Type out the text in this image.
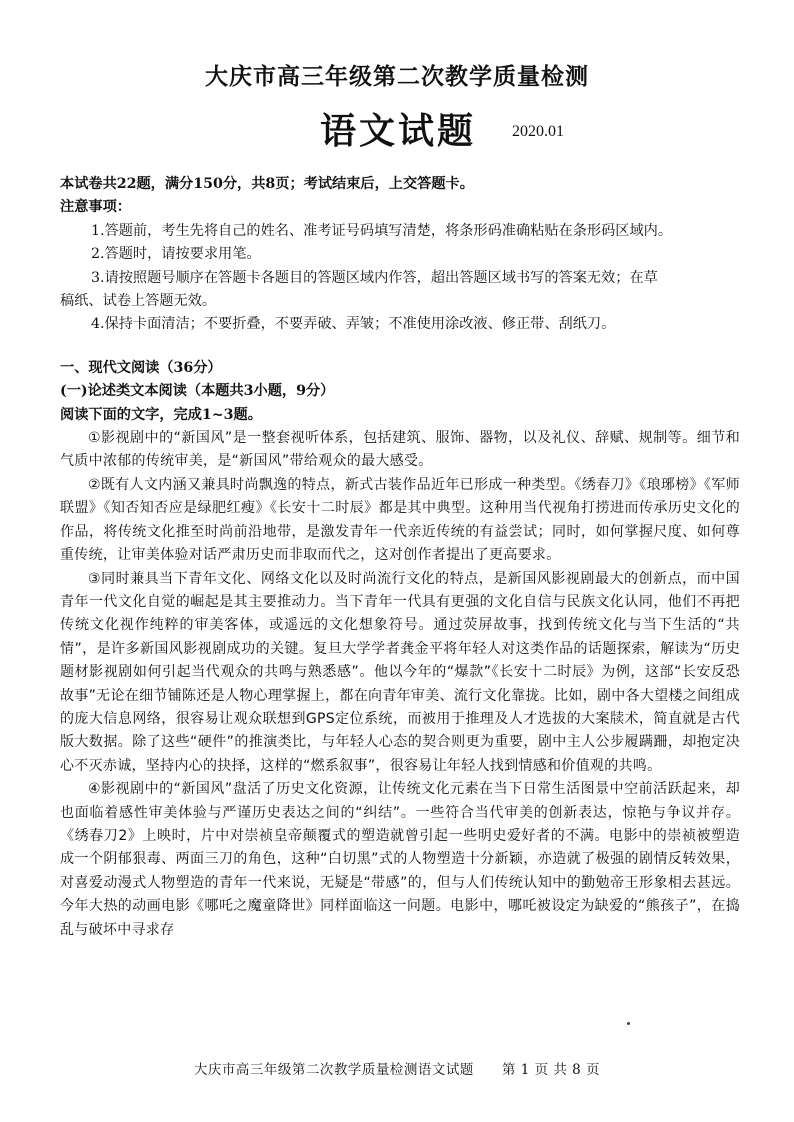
大庆市高三年级第二次教学质量检测
语文试题 2020.01
本试卷共22题，满分150分，共8页；考试结束后，上交答题卡。
注意事项：
1.答题前，考生先将自己的姓名、准考证号码填写清楚，将条形码准确粘贴在条形码区域内。
2.答题时，请按要求用笔。
3.请按照题号顺序在答题卡各题目的答题区域内作答，超出答题区域书写的答案无效；在草
稿纸、试卷上答题无效。
4.保持卡面清洁；不要折叠，不要弄破、弄皱；不准使用涂改液、修正带、刮纸刀。
一、现代文阅读（36分）
(一)论述类文本阅读（本题共3小题，9分）
阅读下面的文字，完成1~3题。

①影视剧中的“新国风”是一整套视听体系，包括建筑、服饰、器物，以及礼仪、辞赋、规制等。细节和气质中浓郁的传统审美，是“新国风”带给观众的最大感受。

②既有人文内涵又兼具时尚飘逸的特点，新式古装作品近年已形成一种类型。《绣春刀》《琅琊榜》《军师联盟》《知否知否应是绿肥红瘦》《长安十二时辰》都是其中典型。这种用当代视角打捞进而传承历史文化的作品，将传统文化推至时尚前沿地带，是激发青年一代亲近传统的有益尝试；同时，如何掌握尺度、如何尊重传统，让审美体验对话严肃历史而非取而代之，这对创作者提出了更高要求。

③同时兼具当下青年文化、网络文化以及时尚流行文化的特点，是新国风影视剧最大的创新点，而中国青年一代文化自觉的崛起是其主要推动力。当下青年一代具有更强的文化自信与民族文化认同，他们不再把传统文化视作纯粹的审美客体，或遥远的文化想象符号。通过荧屏故事，找到传统文化与当下生活的“共情”，是许多新国风影视剧成功的关键。复旦大学学者龚金平将年轻人对这类作品的话题探索，解读为“历史题材影视剧如何引起当代观众的共鸣与熟悉感”。他以今年的“爆款”《长安十二时辰》为例，这部“长安反恐故事”无论在细节铺陈还是人物心理掌握上，都在向青年审美、流行文化靠拢。比如，剧中各大望楼之间组成的庞大信息网络，很容易让观众联想到GPS定位系统，而被用于推理及人才选拔的大案牍术，简直就是古代版大数据。除了这些“硬件”的推演类比，与年轻人心态的契合则更为重要，剧中主人公步履蹒跚，却抱定决心不灭赤诚，坚持内心的抉择，这样的“燃系叙事”，很容易让年轻人找到情感和价值观的共鸣。

④影视剧中的“新国风”盘活了历史文化资源，让传统文化元素在当下日常生活图景中空前活跃起来，却也面临着感性审美体验与严谨历史表达之间的“纠结”。一些符合当代审美的创新表达，惊艳与争议并存。《绣春刀2》上映时，片中对崇祯皇帝颠覆式的塑造就曾引起一些明史爱好者的不满。电影中的崇祯被塑造成一个阴郁狠毒、两面三刀的角色，这种“白切黑”式的人物塑造十分新颖，亦造就了极强的剧情反转效果，对喜爱动漫式人物塑造的青年一代来说，无疑是“带感”的，但与人们传统认知中的勤勉帝王形象相去甚远。今年大热的动画电影《哪吒之魔童降世》同样面临这一问题。电影中，哪吒被设定为缺爱的“熊孩子”，在捣乱与破坏中寻求存

大庆市高三年级第二次教学质量检测语文试题　　第 1 页 共 8 页
